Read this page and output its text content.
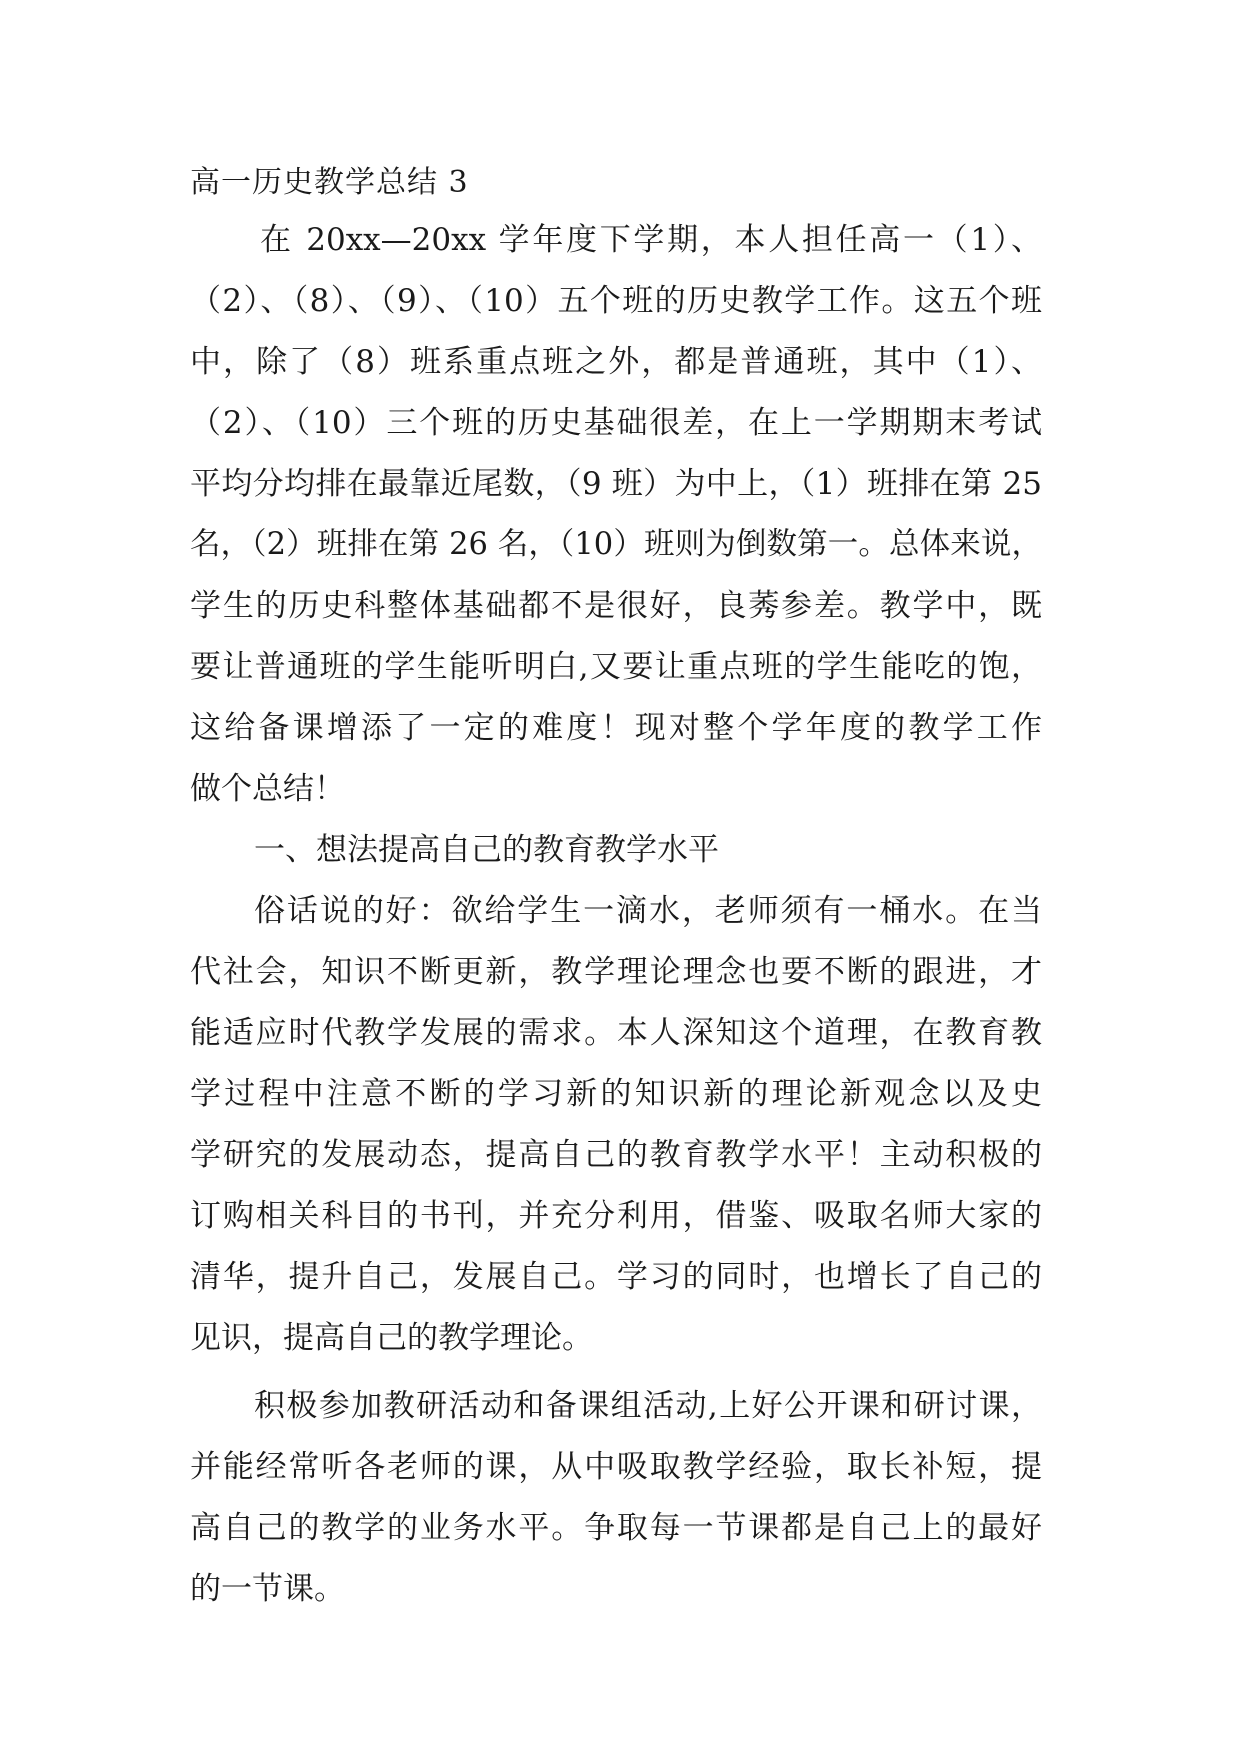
高一历史教学总结 3
在 20xx—20xx 学年度下学期，本人担任高一（1）、
（2）、（8）、（9）、（10）五个班的历史教学工作。这五个班
中，除了（8）班系重点班之外，都是普通班，其中（1）、
（2）、（10）三个班的历史基础很差，在上一学期期末考试
平均分均排在最靠近尾数，（9 班）为中上，（1）班排在第 25
名，（2）班排在第 26 名，（10）班则为倒数第一。总体来说，
学生的历史科整体基础都不是很好，良莠参差。教学中，既
要让普通班的学生能听明白,又要让重点班的学生能吃的饱，
这给备课增添了一定的难度！现对整个学年度的教学工作
做个总结！
一、想法提高自己的教育教学水平
俗话说的好：欲给学生一滴水，老师须有一桶水。在当
代社会，知识不断更新，教学理论理念也要不断的跟进，才
能适应时代教学发展的需求。本人深知这个道理，在教育教
学过程中注意不断的学习新的知识新的理论新观念以及史
学研究的发展动态，提高自己的教育教学水平！主动积极的
订购相关科目的书刊，并充分利用，借鉴、吸取名师大家的
清华，提升自己，发展自己。学习的同时，也增长了自己的
见识，提高自己的教学理论。
积极参加教研活动和备课组活动,上好公开课和研讨课，
并能经常听各老师的课，从中吸取教学经验，取长补短，提
高自己的教学的业务水平。争取每一节课都是自己上的最好
的一节课。
